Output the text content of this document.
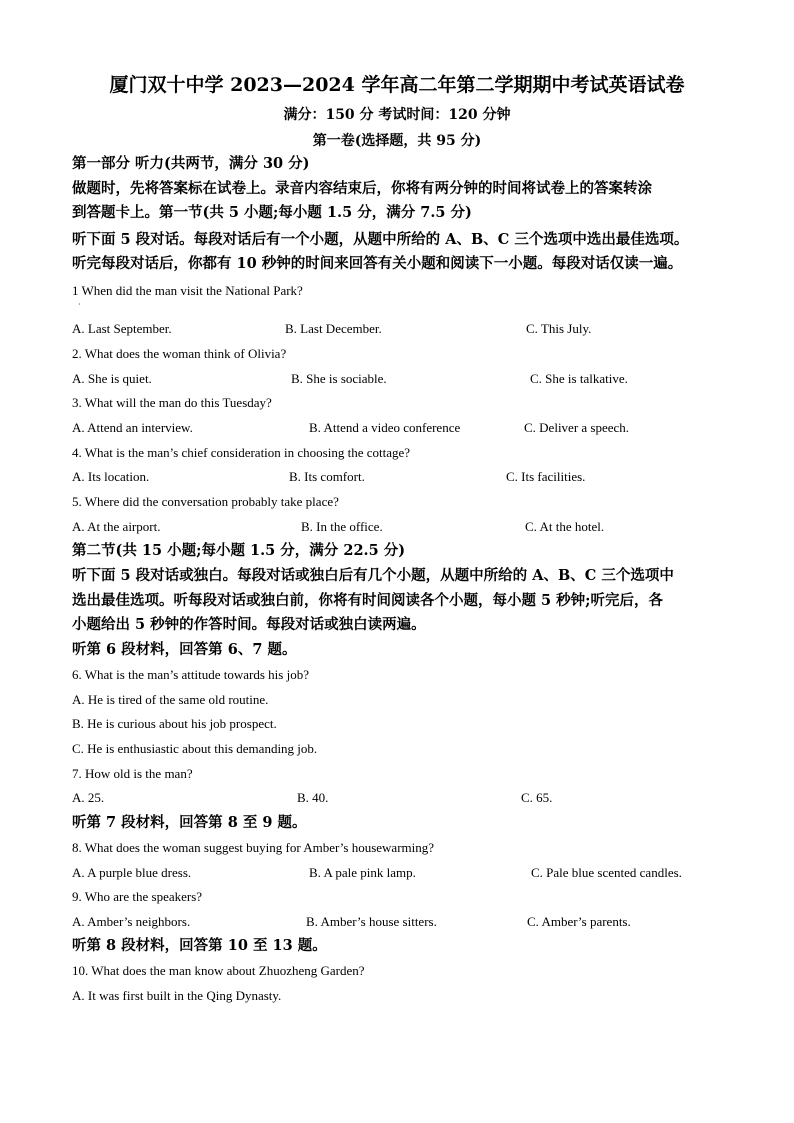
厦门双十中学 2023—2024 学年高二年第二学期期中考试英语试卷
满分：150 分 考试时间：120 分钟
第一卷(选择题，共 95 分)
第一部分 听力(共两节，满分 30 分)
做题时，先将答案标在试卷上。录音内容结束后，你将有两分钟的时间将试卷上的答案转涂
到答题卡上。第一节(共 5 小题;每小题 1.5 分，满分 7.5 分)
听下面 5 段对话。每段对话后有一个小题，从题中所给的 A、B、C 三个选项中选出最佳选项。
听完每段对话后，你都有 10 秒钟的时间来回答有关小题和阅读下一小题。每段对话仅读一遍。
1 When did the man visit the National Park?
·
A. Last September.	B. Last December.	C. This July.
2. What does the woman think of Olivia?
A. She is quiet.	B. She is sociable.	C. She is talkative.
3. What will the man do this Tuesday?
A. Attend an interview.	B. Attend a video conference	C. Deliver a speech.
4. What is the man’s chief consideration in choosing the cottage?
A. Its location.	B. Its comfort.	C. Its facilities.
5. Where did the conversation probably take place?
A. At the airport.	B. In the office.	C. At the hotel.
第二节(共 15 小题;每小题 1.5 分，满分 22.5 分)
听下面 5 段对话或独白。每段对话或独白后有几个小题，从题中所给的 A、B、C 三个选项中
选出最佳选项。听每段对话或独白前，你将有时间阅读各个小题，每小题 5 秒钟;听完后，各
小题给出 5 秒钟的作答时间。每段对话或独白读两遍。
听第 6 段材料，回答第 6、7 题。
6. What is the man’s attitude towards his job?
A. He is tired of the same old routine.
B. He is curious about his job prospect.
C. He is enthusiastic about this demanding job.
7. How old is the man?
A. 25.	B. 40.	C. 65.
听第 7 段材料，回答第 8 至 9 题。
8. What does the woman suggest buying for Amber’s housewarming?
A. A purple blue dress.	B. A pale pink lamp.	C. Pale blue scented candles.
9. Who are the speakers?
A. Amber’s neighbors.	B. Amber’s house sitters.	C. Amber’s parents.
听第 8 段材料，回答第 10 至 13 题。
10. What does the man know about Zhuozheng Garden?
A. It was first built in the Qing Dynasty.
